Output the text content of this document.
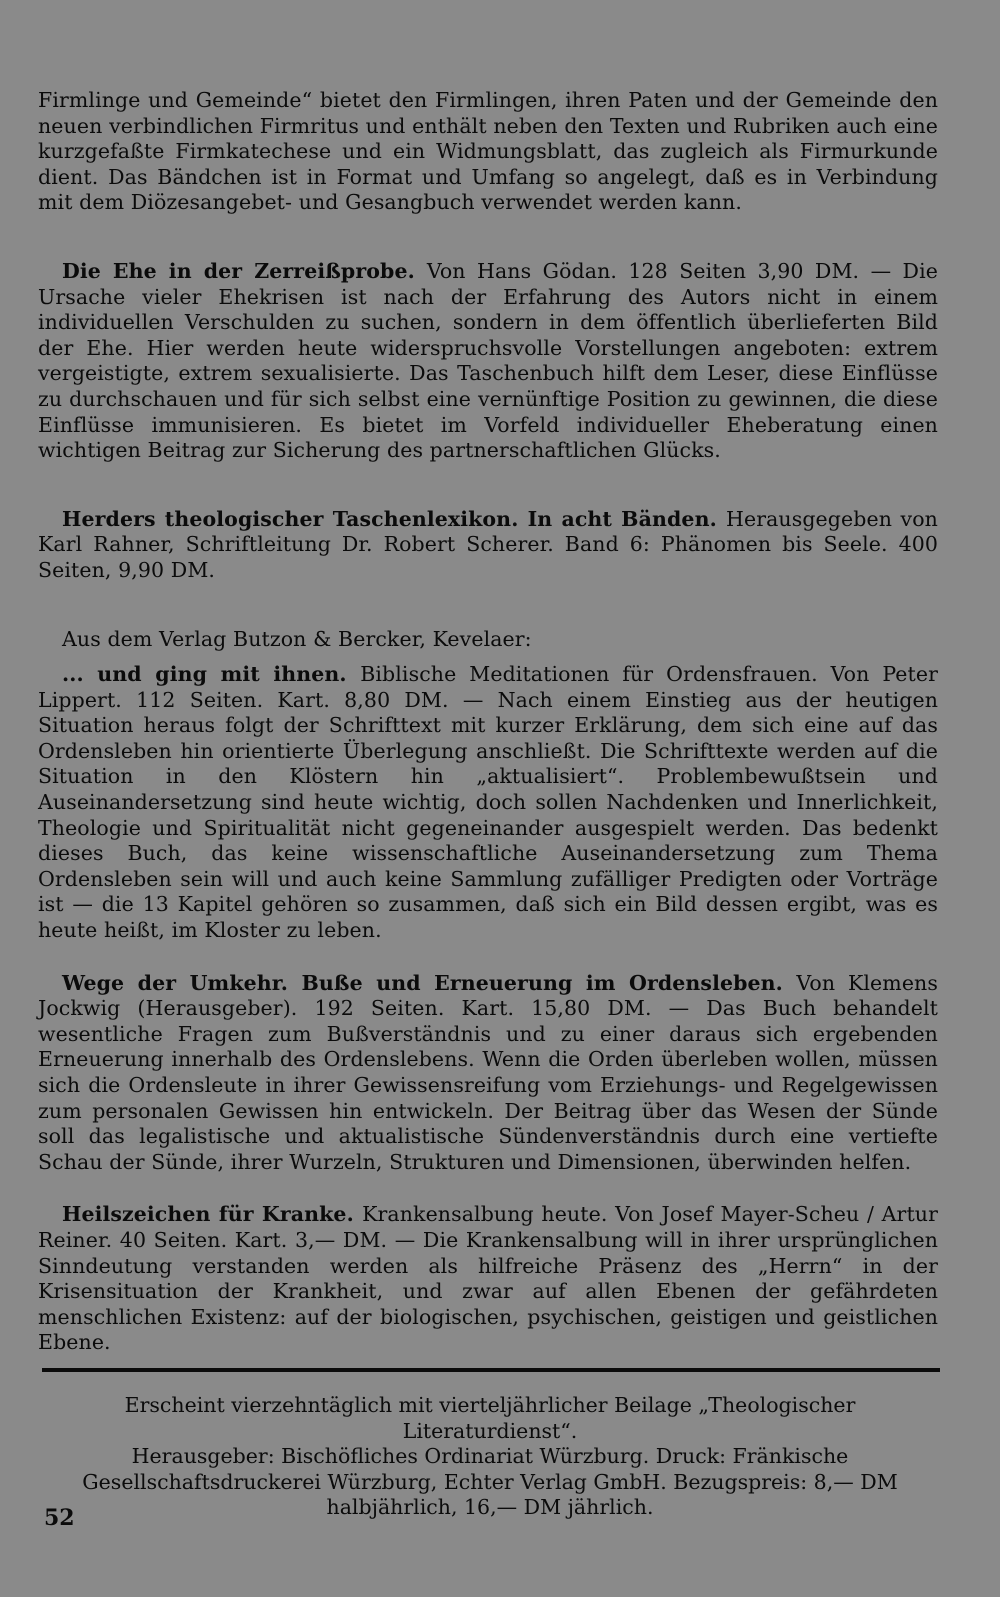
Firmlinge und Gemeinde“ bietet den Firmlingen, ihren Paten und der Gemeinde den neuen verbindlichen Firmritus und enthält neben den Texten und Rubriken auch eine kurzgefaßte Firmkatechese und ein Widmungsblatt, das zugleich als Firmurkunde dient. Das Bändchen ist in Format und Umfang so angelegt, daß es in Verbindung mit dem Diözesangebet- und Gesangbuch verwendet werden kann.

Die Ehe in der Zerreißprobe. Von Hans Gödan. 128 Seiten 3,90 DM. — Die Ursache vieler Ehekrisen ist nach der Erfahrung des Autors nicht in einem individuellen Verschulden zu suchen, sondern in dem öffentlich überlieferten Bild der Ehe. Hier werden heute widerspruchsvolle Vorstellungen angeboten: extrem vergeistigte, extrem sexualisierte. Das Taschenbuch hilft dem Leser, diese Einflüsse zu durchschauen und für sich selbst eine vernünftige Position zu gewinnen, die diese Einflüsse immunisieren. Es bietet im Vorfeld individueller Eheberatung einen wichtigen Beitrag zur Sicherung des partnerschaftlichen Glücks.

Herders theologischer Taschenlexikon. In acht Bänden. Herausgegeben von Karl Rahner, Schriftleitung Dr. Robert Scherer. Band 6: Phänomen bis Seele. 400 Seiten, 9,90 DM.

Aus dem Verlag Butzon & Bercker, Kevelaer:

... und ging mit ihnen. Biblische Meditationen für Ordensfrauen. Von Peter Lippert. 112 Seiten. Kart. 8,80 DM. — Nach einem Einstieg aus der heutigen Situation heraus folgt der Schrifttext mit kurzer Erklärung, dem sich eine auf das Ordensleben hin orientierte Überlegung anschließt. Die Schrifttexte werden auf die Situation in den Klöstern hin „aktualisiert“. Problembewußtsein und Auseinandersetzung sind heute wichtig, doch sollen Nachdenken und Innerlichkeit, Theologie und Spiritualität nicht gegeneinander ausgespielt werden. Das bedenkt dieses Buch, das keine wissenschaftliche Auseinandersetzung zum Thema Ordensleben sein will und auch keine Sammlung zufälliger Predigten oder Vorträge ist — die 13 Kapitel gehören so zusammen, daß sich ein Bild dessen ergibt, was es heute heißt, im Kloster zu leben.

Wege der Umkehr. Buße und Erneuerung im Ordensleben. Von Klemens Jockwig (Herausgeber). 192 Seiten. Kart. 15,80 DM. — Das Buch behandelt wesentliche Fragen zum Bußverständnis und zu einer daraus sich ergebenden Erneuerung innerhalb des Ordenslebens. Wenn die Orden überleben wollen, müssen sich die Ordensleute in ihrer Gewissensreifung vom Erziehungs- und Regelgewissen zum personalen Gewissen hin entwickeln. Der Beitrag über das Wesen der Sünde soll das legalistische und aktualistische Sündenverständnis durch eine vertiefte Schau der Sünde, ihrer Wurzeln, Strukturen und Dimensionen, überwinden helfen.

Heilszeichen für Kranke. Krankensalbung heute. Von Josef Mayer-Scheu / Artur Reiner. 40 Seiten. Kart. 3,— DM. — Die Krankensalbung will in ihrer ursprünglichen Sinndeutung verstanden werden als hilfreiche Präsenz des „Herrn“ in der Krisensituation der Krankheit, und zwar auf allen Ebenen der gefährdeten menschlichen Existenz: auf der biologischen, psychischen, geistigen und geistlichen Ebene.

Erscheint vierzehntäglich mit vierteljährlicher Beilage „Theologischer Literaturdienst“.
Herausgeber: Bischöfliches Ordinariat Würzburg. Druck: Fränkische Gesellschaftsdruckerei Würzburg, Echter Verlag GmbH. Bezugspreis: 8,— DM halbjährlich, 16,— DM jährlich.

52
